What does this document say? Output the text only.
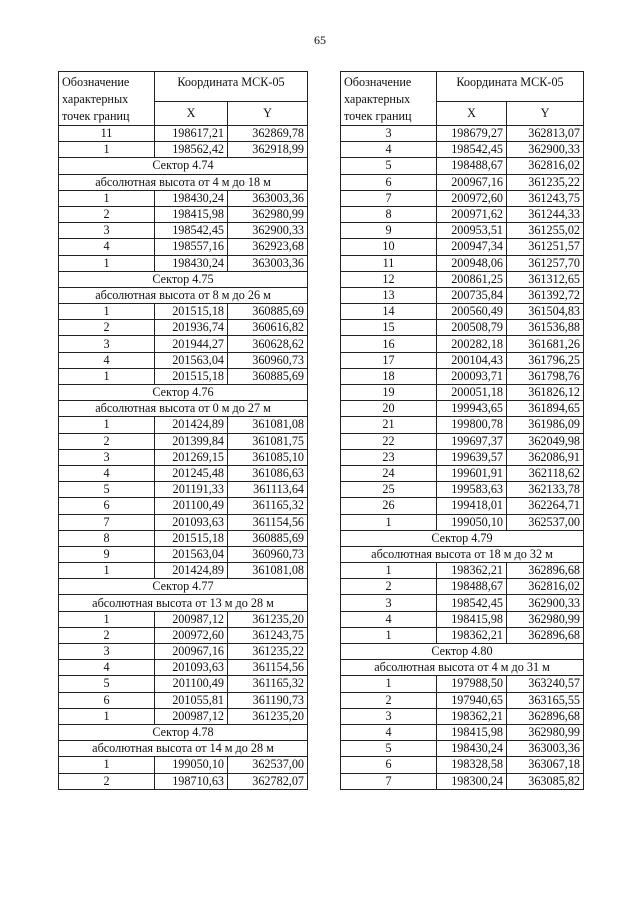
65
Обозначение характерных точек границ	Координата МСК-05	
	X	Y
11	198617,21	362869,78
1	198562,42	362918,99
Сектор 4.74		
абсолютная высота от 4 м до 18 м		
1	198430,24	363003,36
2	198415,98	362980,99
3	198542,45	362900,33
4	198557,16	362923,68
1	198430,24	363003,36
Сектор 4.75		
абсолютная высота от 8 м до 26 м		
1	201515,18	360885,69
2	201936,74	360616,82
3	201944,27	360628,62
4	201563,04	360960,73
1	201515,18	360885,69
Сектор 4.76		
абсолютная высота от 0 м до 27 м		
1	201424,89	361081,08
2	201399,84	361081,75
3	201269,15	361085,10
4	201245,48	361086,63
5	201191,33	361113,64
6	201100,49	361165,32
7	201093,63	361154,56
8	201515,18	360885,69
9	201563,04	360960,73
1	201424,89	361081,08
Сектор 4.77		
абсолютная высота от 13 м до 28 м		
1	200987,12	361235,20
2	200972,60	361243,75
3	200967,16	361235,22
4	201093,63	361154,56
5	201100,49	361165,32
6	201055,81	361190,73
1	200987,12	361235,20
Сектор 4.78		
абсолютная высота от 14 м до 28 м		
1	199050,10	362537,00
2	198710,63	362782,07
Обозначение характерных точек границ	Координата МСК-05	
	X	Y
3	198679,27	362813,07
4	198542,45	362900,33
5	198488,67	362816,02
6	200967,16	361235,22
7	200972,60	361243,75
8	200971,62	361244,33
9	200953,51	361255,02
10	200947,34	361251,57
11	200948,06	361257,70
12	200861,25	361312,65
13	200735,84	361392,72
14	200560,49	361504,83
15	200508,79	361536,88
16	200282,18	361681,26
17	200104,43	361796,25
18	200093,71	361798,76
19	200051,18	361826,12
20	199943,65	361894,65
21	199800,78	361986,09
22	199697,37	362049,98
23	199639,57	362086,91
24	199601,91	362118,62
25	199583,63	362133,78
26	199418,01	362264,71
1	199050,10	362537,00
Сектор 4.79		
абсолютная высота от 18 м до 32 м		
1	198362,21	362896,68
2	198488,67	362816,02
3	198542,45	362900,33
4	198415,98	362980,99
1	198362,21	362896,68
Сектор 4.80		
абсолютная высота от 4 м до 31 м		
1	197988,50	363240,57
2	197940,65	363165,55
3	198362,21	362896,68
4	198415,98	362980,99
5	198430,24	363003,36
6	198328,58	363067,18
7	198300,24	363085,82
